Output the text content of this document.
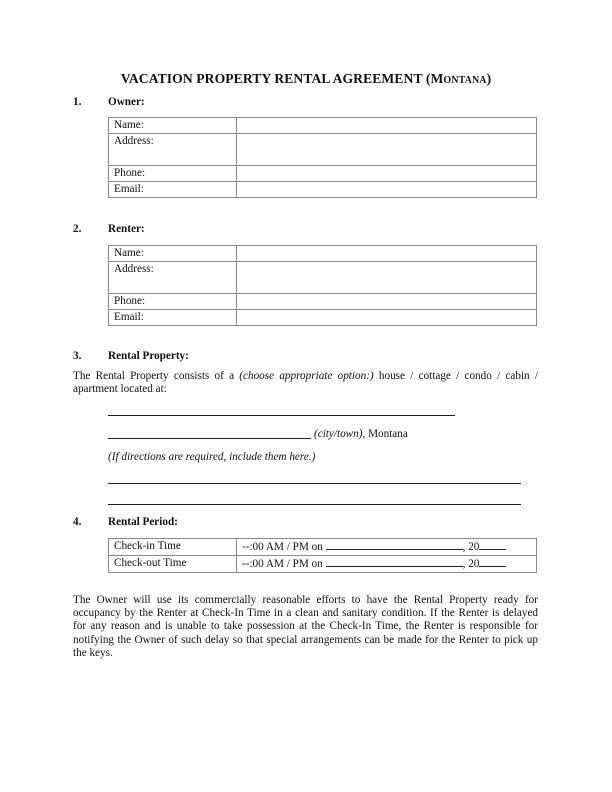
VACATION PROPERTY RENTAL AGREEMENT (Montana)
1. Owner:
Name:	
Address:	
Phone:	
Email:	
2. Renter:
Name:	
Address:	
Phone:	
Email:	
3. Rental Property:
The Rental Property consists of a (choose appropriate option:) house / cottage / condo / cabin / apartment located at:
(city/town), Montana
(If directions are required, include them here.)
4. Rental Period:
Check-in Time	--:00 AM / PM on , 20
Check-out Time	--:00 AM / PM on , 20
The Owner will use its commercially reasonable efforts to have the Rental Property ready for occupancy by the Renter at Check-In Time in a clean and sanitary condition. If the Renter is delayed for any reason and is unable to take possession at the Check-In Time, the Renter is responsible for notifying the Owner of such delay so that special arrangements can be made for the Renter to pick up the keys.
